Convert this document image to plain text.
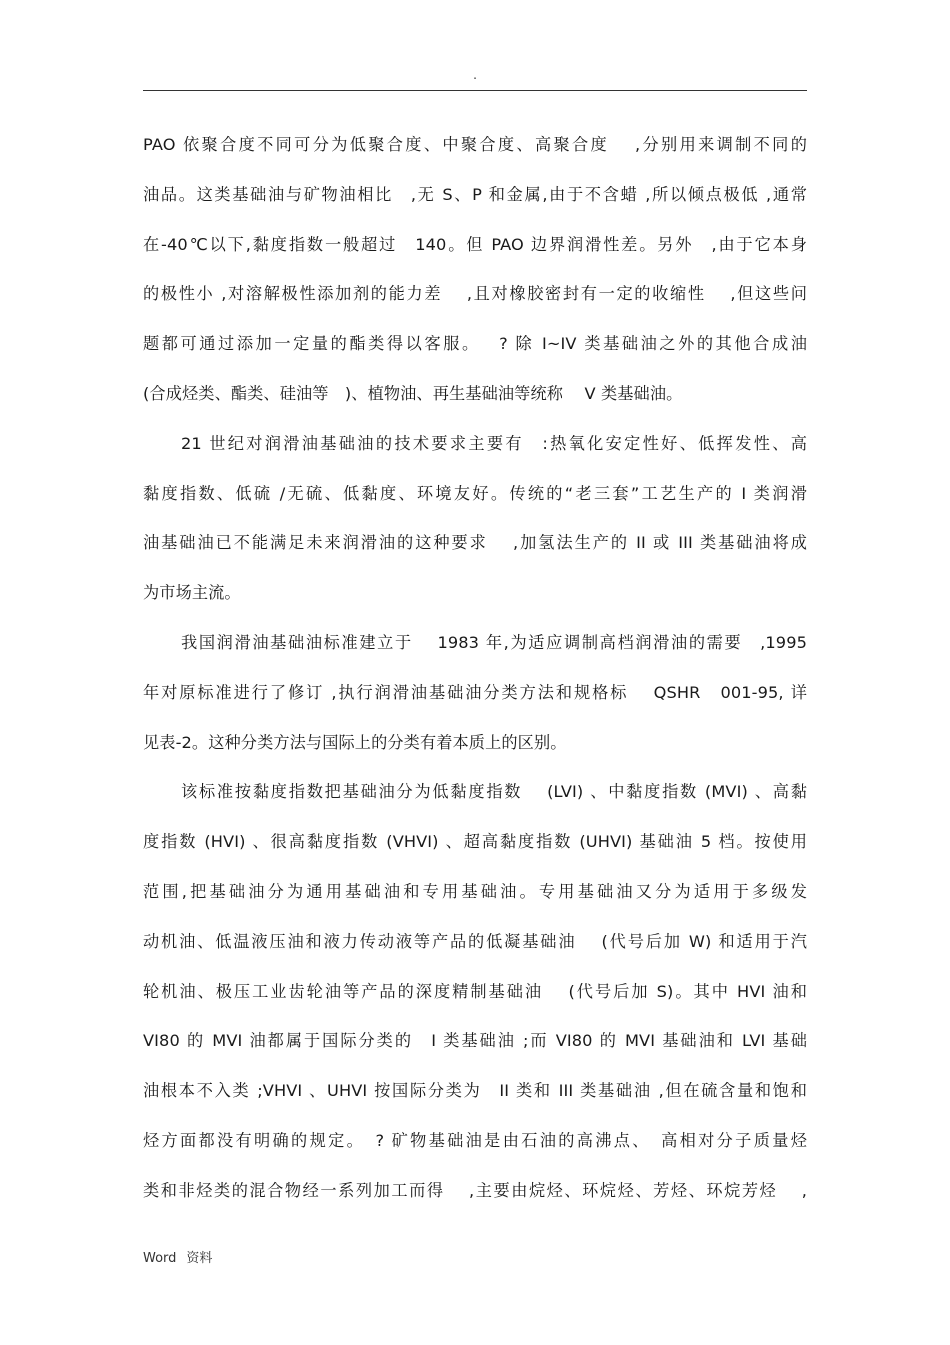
.
PAO 依聚合度不同可分为低聚合度、中聚合度、高聚合度　 ,分别用来调制不同的
油品。这类基础油与矿物油相比　,无 S、P 和金属,由于不含蜡 ,所以倾点极低 ,通常
在-40℃以下,黏度指数一般超过　140。但 PAO 边界润滑性差。另外　,由于它本身
的极性小 ,对溶解极性添加剂的能力差　 ,且对橡胶密封有一定的收缩性　 ,但这些问
题都可通过添加一定量的酯类得以客服。　 ? 除 I~IV 类基础油之外的其他合成油
(合成烃类、酯类、硅油等　)、植物油、再生基础油等统称　 V 类基础油。
21 世纪对润滑油基础油的技术要求主要有　:热氧化安定性好、低挥发性、高
黏度指数、低硫 /无硫、低黏度、环境友好。传统的“老三套”工艺生产的 I 类润滑
油基础油已不能满足未来润滑油的这种要求　 ,加氢法生产的 II 或 III 类基础油将成
为市场主流。
我国润滑油基础油标准建立于　 1983 年,为适应调制高档润滑油的需要　,1995
年对原标准进行了修订 ,执行润滑油基础油分类方法和规格标　 QSHR　001-95, 详
见表-2。这种分类方法与国际上的分类有着本质上的区别。
该标准按黏度指数把基础油分为低黏度指数　 (LVI) 、中黏度指数 (MVI) 、高黏
度指数 (HVI) 、很高黏度指数 (VHVI) 、超高黏度指数 (UHVI) 基础油 5 档。按使用
范围,把基础油分为通用基础油和专用基础油。专用基础油又分为适用于多级发
动机油、低温液压油和液力传动液等产品的低凝基础油　 (代号后加 W) 和适用于汽
轮机油、极压工业齿轮油等产品的深度精制基础油　 (代号后加 S)。其中 HVI 油和
VI80 的 MVI 油都属于国际分类的　I 类基础油 ;而 VI80 的 MVI 基础油和 LVI 基础
油根本不入类 ;VHVI 、UHVI 按国际分类为　II 类和 III 类基础油 ,但在硫含量和饱和
烃方面都没有明确的规定。　? 矿物基础油是由石油的高沸点、　高相对分子质量烃
类和非烃类的混合物经一系列加工而得　 ,主要由烷烃、环烷烃、芳烃、环烷芳烃　 ,
Word 资料
